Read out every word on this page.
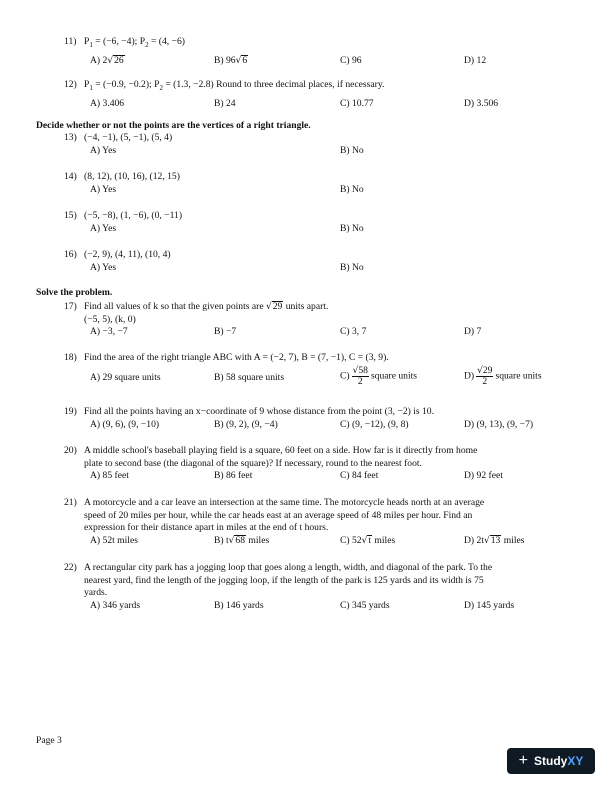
11) $P_1 = (-6$, −4); $P_2 = (4$, −6)
A) 2√26	B) 96√6	C) 96	D) 12
12) $P_1 = (-0.9$, −0.2); $P_2 = (1.3$, −2.8) Round to three decimal places, if necessary.
A) 3.406	B) 24	C) 10.77	D) 3.506
Decide whether or not the points are the vertices of a right triangle.
13) (−4, −1), (5, −1), (5, 4)
A) Yes	B) No
14) (8, 12), (10, 16), (12, 15)
A) Yes	B) No
15) (−5, −8), (1, −6), (0, −11)
A) Yes	B) No
16) (−2, 9), (4, 11), (10, 4)
A) Yes	B) No
Solve the problem.
17) Find all values of k so that the given points are √29 units apart.
(−5, 5), (k, 0)
A) −3, −7	B) −7	C) 3, 7	D) 7
18) Find the area of the right triangle ABC with A = (−2, 7), B = (7, −1), C = (3, 9).
A) 29 square units	B) 58 square units	$C) \frac{√58}{2}$ square units	$D) \frac{√29}{2}$ square units
19) Find all the points having an x−coordinate of 9 whose distance from the point (3, −2) is 10.
A) (9, 6), (9, −10)	B) (9, 2), (9, −4)	C) (9, −12), (9, 8)	D) (9, 13), (9, −7)
20) A middle school's baseball playing field is a square, 60 feet on a side. How far is it directly from home
plate to second base (the diagonal of the square)? If necessary, round to the nearest foot.
A) 85 feet	B) 86 feet	C) 84 feet	D) 92 feet
21) A motorcycle and a car leave an intersection at the same time. The motorcycle heads north at an average
speed of 20 miles per hour, while the car heads east at an average speed of 48 miles per hour. Find an
expression for their distance apart in miles at the end of t hours.
A) 52t miles	B) t√68 miles	C) 52√t miles	D) 2t√13 miles
22) A rectangular city park has a jogging loop that goes along a length, width, and diagonal of the park. To the
nearest yard, find the length of the jogging loop, if the length of the park is 125 yards and its width is 75
yards.
A) 346 yards	B) 146 yards	C) 345 yards	D) 145 yards
Page 3
+ Study XY
